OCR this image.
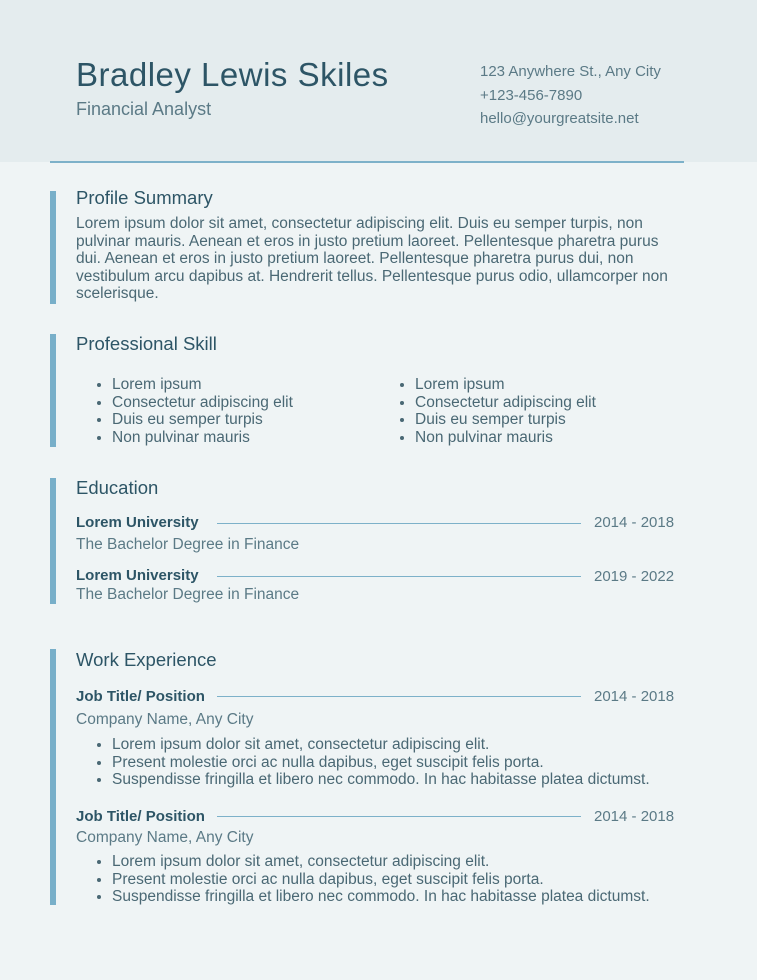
Bradley Lewis Skiles
Financial Analyst
123 Anywhere St., Any City
+123-456-7890
hello@yourgreatsite.net
Profile Summary
Lorem ipsum dolor sit amet, consectetur adipiscing elit. Duis eu semper turpis, non pulvinar mauris. Aenean et eros in justo pretium laoreet. Pellentesque pharetra purus dui. Aenean et eros in justo pretium laoreet. Pellentesque pharetra purus dui, non vestibulum arcu dapibus at. Hendrerit tellus. Pellentesque purus odio, ullamcorper non scelerisque.
Professional Skill
• Lorem ipsum
• Consectetur adipiscing elit
• Duis eu semper turpis
• Non pulvinar mauris
• Lorem ipsum
• Consectetur adipiscing elit
• Duis eu semper turpis
• Non pulvinar mauris
Education
Lorem University	2014 - 2018
The Bachelor Degree in Finance
Lorem University	2019 - 2022
The Bachelor Degree in Finance
Work Experience
Job Title/ Position	2014 - 2018
Company Name, Any City
• Lorem ipsum dolor sit amet, consectetur adipiscing elit.
• Present molestie orci ac nulla dapibus, eget suscipit felis porta.
• Suspendisse fringilla et libero nec commodo. In hac habitasse platea dictumst.
Job Title/ Position	2014 - 2018
Company Name, Any City
• Lorem ipsum dolor sit amet, consectetur adipiscing elit.
• Present molestie orci ac nulla dapibus, eget suscipit felis porta.
• Suspendisse fringilla et libero nec commodo. In hac habitasse platea dictumst.
